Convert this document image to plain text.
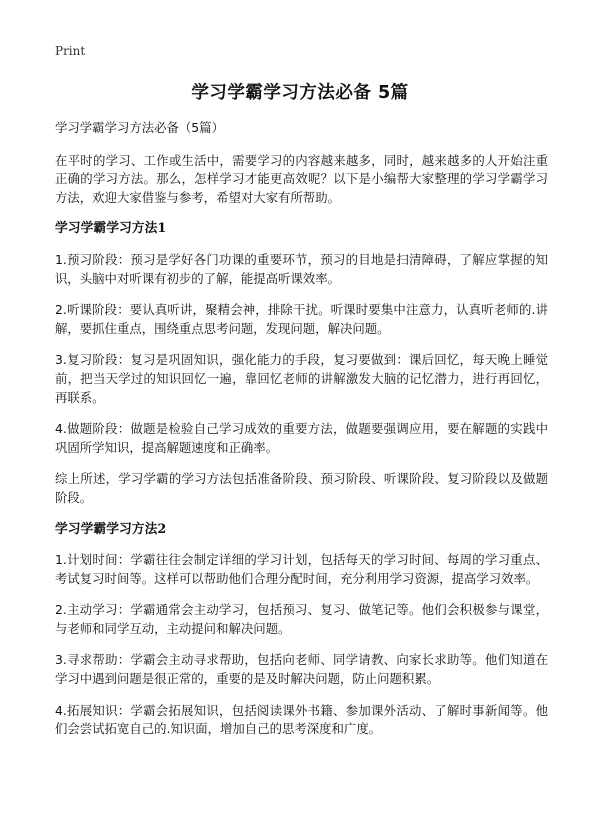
Print
学习学霸学习方法必备 5篇
学习学霸学习方法必备（5篇）

在平时的学习、工作或生活中，需要学习的内容越来越多，同时，越来越多的人开始注重正确的学习方法。那么，怎样学习才能更高效呢？以下是小编帮大家整理的学习学霸学习方法，欢迎大家借鉴与参考，希望对大家有所帮助。

学习学霸学习方法1

1.预习阶段：预习是学好各门功课的重要环节，预习的目地是扫清障碍，了解应掌握的知识，头脑中对听课有初步的了解，能提高听课效率。

2.听课阶段：要认真听讲，聚精会神，排除干扰。听课时要集中注意力，认真听老师的.讲解，要抓住重点，围绕重点思考问题，发现问题，解决问题。

3.复习阶段：复习是巩固知识，强化能力的手段，复习要做到：课后回忆，每天晚上睡觉前，把当天学过的知识回忆一遍，靠回忆老师的讲解激发大脑的记忆潜力，进行再回忆，再联系。

4.做题阶段：做题是检验自己学习成效的重要方法，做题要强调应用，要在解题的实践中巩固所学知识，提高解题速度和正确率。

综上所述，学习学霸的学习方法包括准备阶段、预习阶段、听课阶段、复习阶段以及做题阶段。

学习学霸学习方法2

1.计划时间：学霸往往会制定详细的学习计划，包括每天的学习时间、每周的学习重点、考试复习时间等。这样可以帮助他们合理分配时间，充分利用学习资源，提高学习效率。

2.主动学习：学霸通常会主动学习，包括预习、复习、做笔记等。他们会积极参与课堂，与老师和同学互动，主动提问和解决问题。

3.寻求帮助：学霸会主动寻求帮助，包括向老师、同学请教、向家长求助等。他们知道在学习中遇到问题是很正常的，重要的是及时解决问题，防止问题积累。

4.拓展知识：学霸会拓展知识，包括阅读课外书籍、参加课外活动、了解时事新闻等。他们会尝试拓宽自己的.知识面，增加自己的思考深度和广度。
